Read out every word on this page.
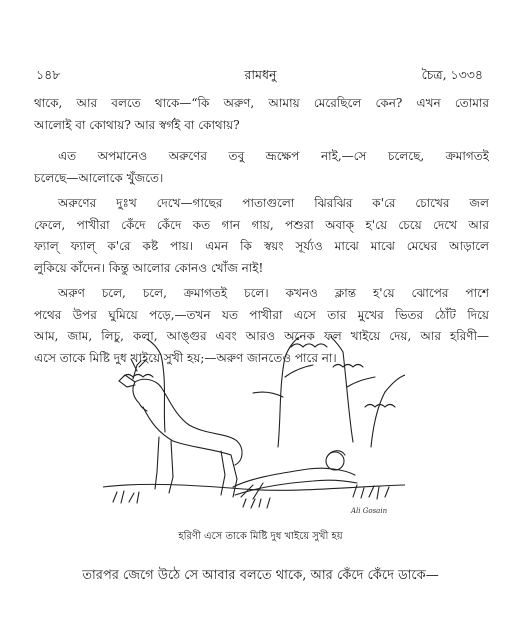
১৪৮	রামধনু	চৈত্র, ১৩৩৪
থাকে, আর বলতে থাকে—“কি অরুণ, আমায় মেরেছিলে কেন? এখন তোমার
আলোই বা কোথায়? আর স্বর্গই বা কোথায়?
এত অপমানেও অরুণের তবু ভ্রূক্ষেপ নাই,—সে চলেছে, ক্রমাগতই
চলেছে—আলোকে খুঁজতে।
অরুণের দুঃখ দেখে—গাছের পাতাগুলো ঝিরঝির ক'রে চোখের জল
ফেলে, পাখীরা কেঁদে কেঁদে কত গান গায়, পশুরা অবাক্‌ হ'য়ে চেয়ে দেখে আর
ফ্যাল্‌ ফ্যাল্‌ ক'রে কষ্ট পায়। এমন কি স্বয়ং সূর্য্যও মাঝে মাঝে মেঘের আড়ালে
লুকিয়ে কাঁদেন। কিন্তু আলোর কোনও খোঁজ নাই!
অরুণ চলে, চলে, ক্রমাগতই চলে। কখনও ক্লান্ত হ'য়ে ঝোপের পাশে
পথের উপর ঘুমিয়ে পড়ে,—তখন যত পাখীরা এসে তার মুখের ভিতর ঠোঁট দিয়ে
আম, জাম, লিচু, কলা, আঙ্গুর এবং আরও অনেক ফল খাইয়ে দেয়, আর হরিণী—
এসে তাকে মিষ্টি দুধ খাইয়ে সুখী হয়;—অরুণ জানতেও পারে না।
Ali Gosain
হরিণী এসে তাকে মিষ্টি দুধ খাইয়ে সুখী হয়
তারপর জেগে উঠে সে আবার বলতে থাকে, আর কেঁদে কেঁদে ডাকে—
